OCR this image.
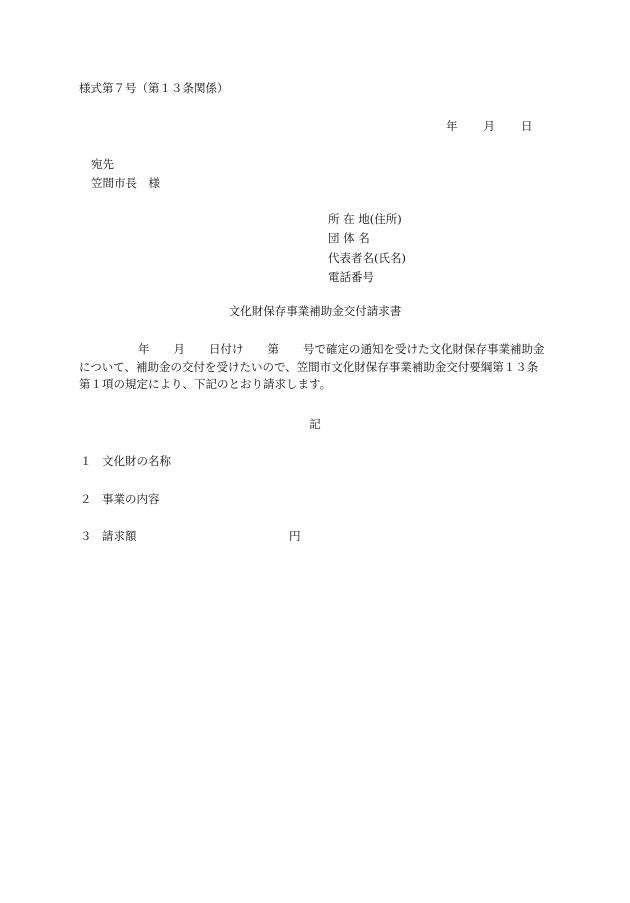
様式第７号（第１３条関係）
年 月 日
宛先
笠間市長　様
所 在 地(住所)
団 体 名
代表者名(氏名)
電話番号
文化財保存事業補助金交付請求書
年 月 日付け 第 号で確定の通知を受けた文化財保存事業補助金
について、補助金の交付を受けたいので、笠間市文化財保存事業補助金交付要綱第１３条
第１項の規定により、下記のとおり請求します。
記
１ 文化財の名称
２ 事業の内容
３ 請求額	円
